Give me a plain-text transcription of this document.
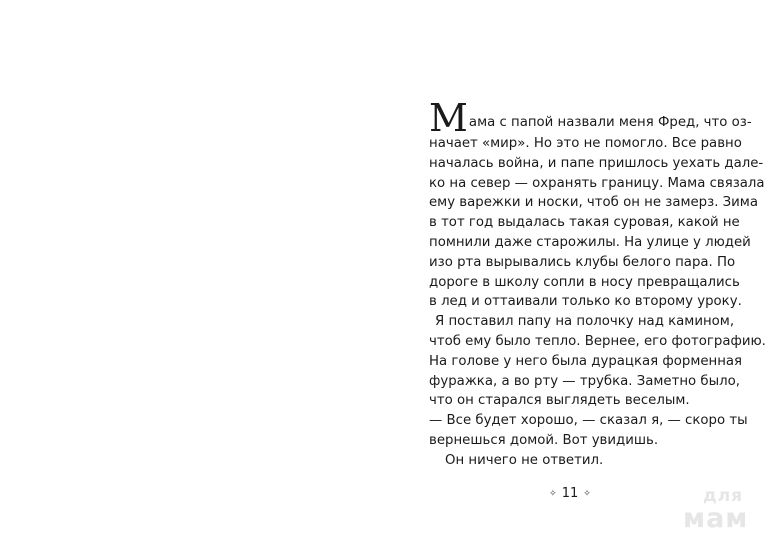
М ама с папой назвали меня Фред, что оз-
начает «мир». Но это не помогло. Все равно
началась война, и папе пришлось уехать дале-
ко на север — охранять границу. Мама связала
ему варежки и носки, чтоб он не замерз. Зима
в тот год выдалась такая суровая, какой не
помнили даже старожилы. На улице у людей
изо рта вырывались клубы белого пара. По
дороге в школу сопли в носу превращались
в лед и оттаивали только ко второму уроку.
Я поставил папу на полочку над камином,
чтоб ему было тепло. Вернее, его фотографию.
На голове у него была дурацкая форменная
фуражка, а во рту — трубка. Заметно было,
что он старался выглядеть веселым.
— Все будет хорошо, — сказал я, — скоро ты
вернешься домой. Вот увидишь.
Он ничего не ответил.
✧ 11 ✧	для
мам
